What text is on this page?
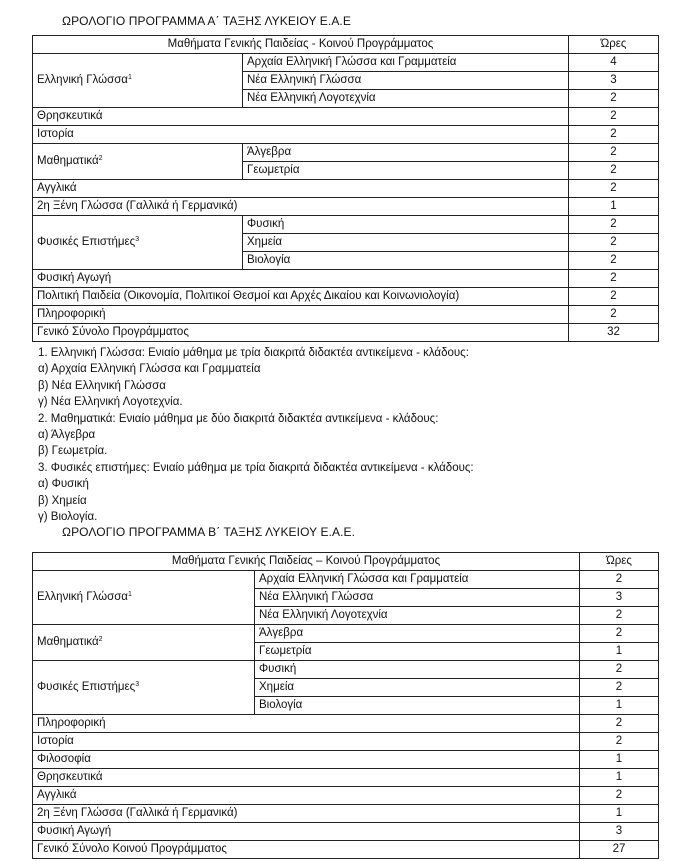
ΩΡΟΛΟΓΙΟ ΠΡΟΓΡΑΜΜΑ Α΄ ΤΑΞΗΣ ΛΥΚΕΙΟΥ Ε.Α.Ε
Μαθήματα Γενικής Παιδείας - Κοινού Προγράμματος		Ώρες
Ελληνική Γλώσσα$^1$	Αρχαία Ελληνική Γλώσσα και Γραμματεία	4
	Νέα Ελληνική Γλώσσα	3
	Νέα Ελληνική Λογοτεχνία	2
Θρησκευτικά		2
Ιστορία		2
Μαθηματικά$^2$	Άλγεβρα	2
	Γεωμετρία	2
Αγγλικά		2
2η Ξένη Γλώσσα (Γαλλικά ή Γερμανικά)		1
Φυσικές Επιστήμες$^3$	Φυσική	2
	Χημεία	2
	Βιολογία	2
Φυσική Αγωγή		2
Πολιτική Παιδεία (Οικονομία, Πολιτικοί Θεσμοί και Αρχές Δικαίου και Κοινωνιολογία)		2
Πληροφορική		2
Γενικό Σύνολο Προγράμματος		32
1. Ελληνική Γλώσσα: Ενιαίο μάθημα με τρία διακριτά διδακτέα αντικείμενα - κλάδους:
α) Αρχαία Ελληνική Γλώσσα και Γραμματεία
β) Νέα Ελληνική Γλώσσα
γ) Νέα Ελληνική Λογοτεχνία.
2. Μαθηματικά: Ενιαίο μάθημα με δύο διακριτά διδακτέα αντικείμενα - κλάδους:
α) Άλγεβρα
β) Γεωμετρία.
3. Φυσικές επιστήμες: Ενιαίο μάθημα με τρία διακριτά διδακτέα αντικείμενα - κλάδους:
α) Φυσική
β) Χημεία
γ) Βιολογία.
ΩΡΟΛΟΓΙΟ ΠΡΟΓΡΑΜΜΑ Β΄ ΤΑΞΗΣ ΛΥΚΕΙΟΥ Ε.Α.Ε.
Μαθήματα Γενικής Παιδείας – Κοινού Προγράμματος		Ώρες
Ελληνική Γλώσσα$^1$	Αρχαία Ελληνική Γλώσσα και Γραμματεία	2
	Νέα Ελληνική Γλώσσα	3
	Νέα Ελληνική Λογοτεχνία	2
Μαθηματικά$^2$	Άλγεβρα	2
	Γεωμετρία	1
Φυσικές Επιστήμες$^3$	Φυσική	2
	Χημεία	2
	Βιολογία	1
Πληροφορική		2
Ιστορία		2
Φιλοσοφία		1
Θρησκευτικά		1
Αγγλικά		2
2η Ξένη Γλώσσα (Γαλλικά ή Γερμανικά)		1
Φυσική Αγωγή		3
Γενικό Σύνολο Κοινού Προγράμματος		27
